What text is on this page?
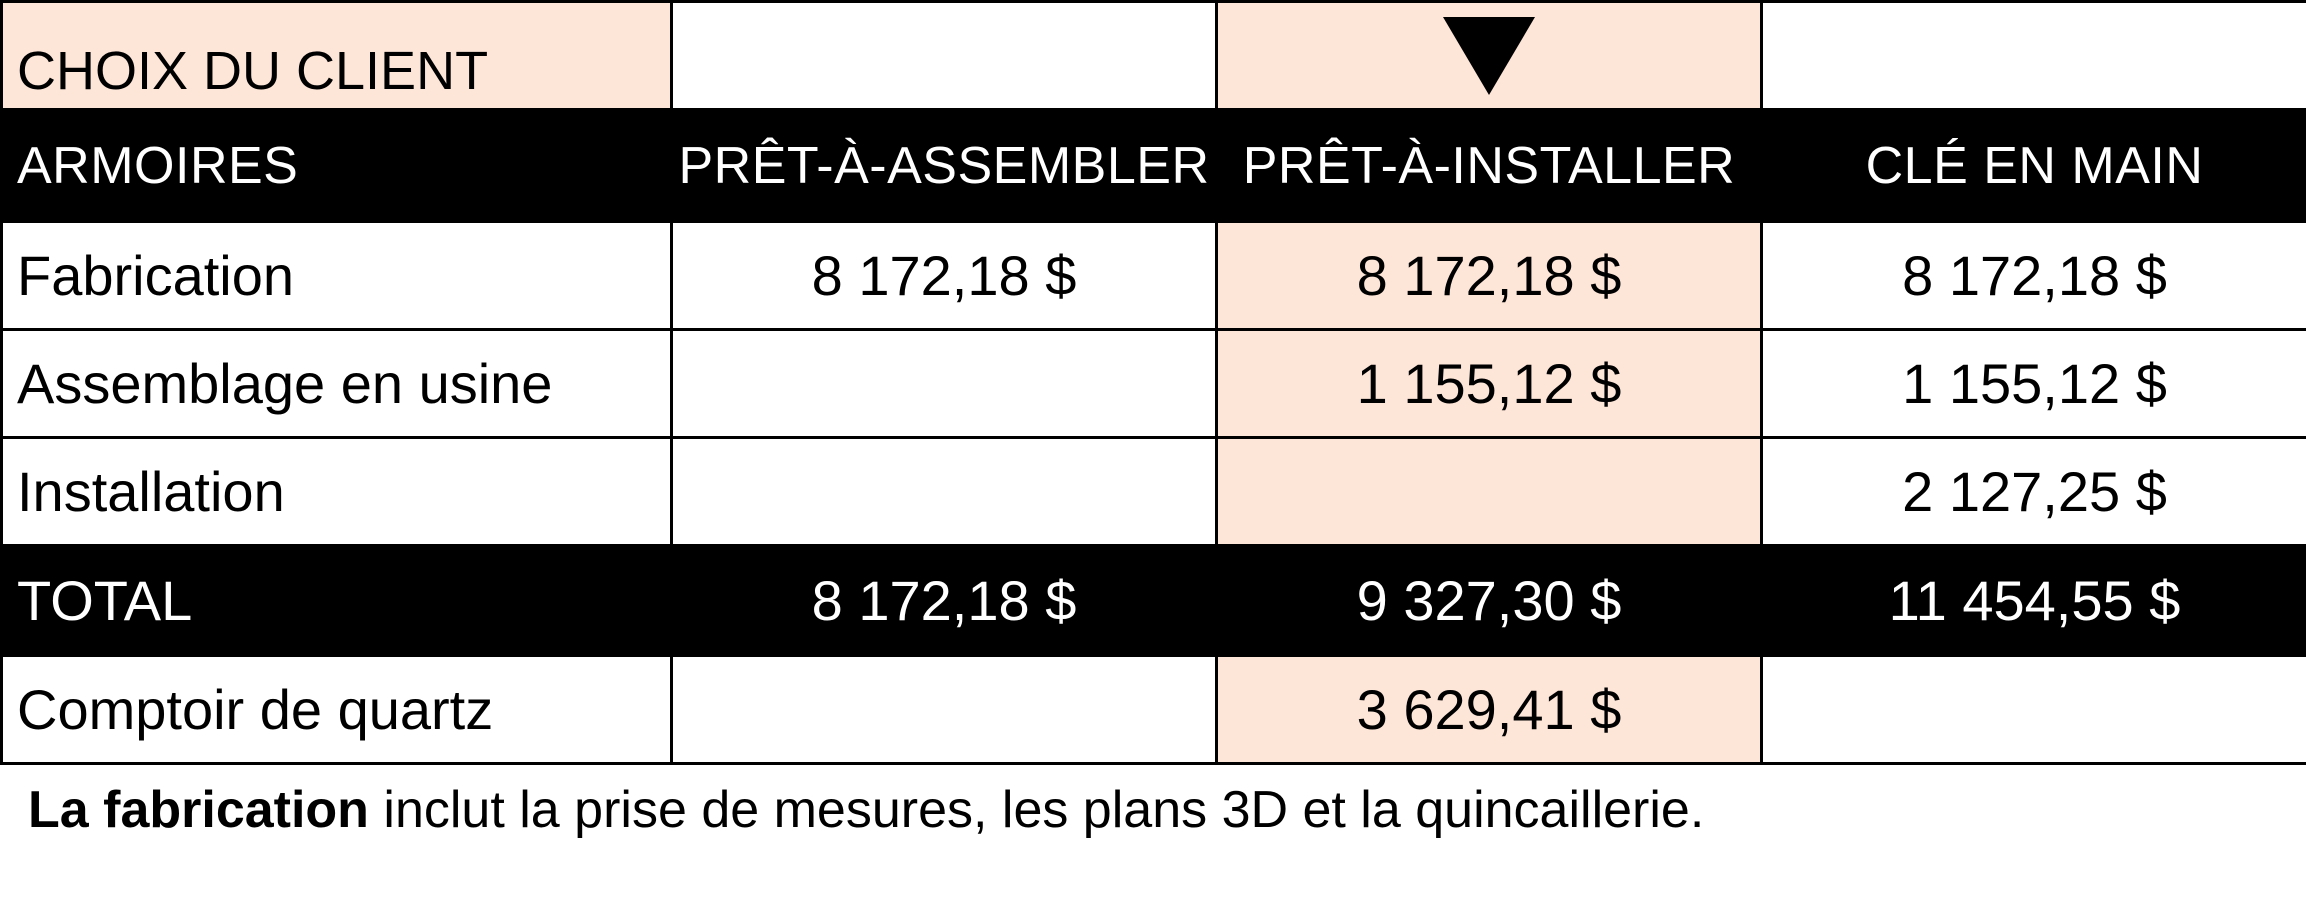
CHOIX DU CLIENT			
ARMOIRES	PRÊT-À-ASSEMBLER	PRÊT-À-INSTALLER	CLÉ EN MAIN
Fabrication	8 172,18 $	8 172,18 $	8 172,18 $
Assemblage en usine		1 155,12 $	1 155,12 $
Installation			2 127,25 $
TOTAL	8 172,18 $	9 327,30 $	11 454,55 $
Comptoir de quartz		3 629,41 $	
La fabrication inclut la prise de mesures, les plans 3D et la quincaillerie.
